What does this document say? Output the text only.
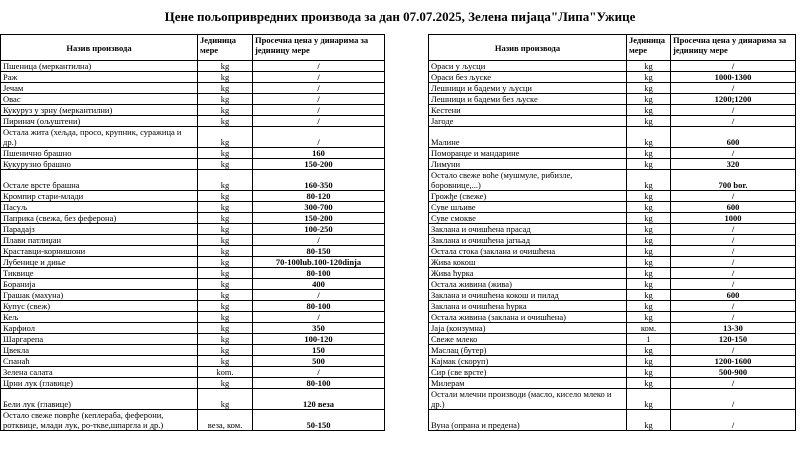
Цене пољопривредних производа за дан 07.07.2025, Зелена пијаца"Липа"Ужице
Назив производа	Јединица мере	Просечна цена у динарима за јединицу мере		Назив производа	Јединица мере	Просечна цена у динарима за јединицу мере
Пшеница (меркантилна)	kg	/		Ораси у љусци	kg	/
Раж	kg	/		Ораси без љуске	kg	1000-1300
Јечам	kg	/		Лешници и бадеми у љусци	kg	/
Овас	kg	/		Лешници и бадеми без љуске	kg	1200;1200
Кукуруз у зрну (меркантилни)	kg	/		Кестени	kg	/
Пиринач (ољуштени)	kg	/		Јагоде	kg	/
Остала жита (хељда, просо, крупник, суражица и др.)	kg	/		Малине	kg	600
Пшенично брашно	kg	160		Поморанџе и мандарине	kg	/
Кукурузно брашно	kg	150-200		Лимуни	kg	320
Остале врсте брашна	kg	160-350		Остало свеже воће (мушмуле, рибизле, боровнице,...)	kg	700 bor.
Кромпир стари-млади	kg	80-120		Грожђе (свеже)	kg	/
Пасуљ	kg	300-700		Суве шљиве	kg	600
Паприка (свежа, без феферона)	kg	150-200		Суве смокве	kg	1000
Парадајз	kg	100-250		Заклана и очишћена прасад	kg	/
Плави патлиџан	kg	/		Заклана и очишћена јагњад	kg	/
Краставци-корнишони	kg	80-150		Остала стока (заклана и очишћена	kg	/
Лубенице и диње	kg	70-100lub.100-120dinja		Жива кокош	kg	/
Тиквице	kg	80-100		Жива ћурка	kg	/
Боранија	kg	400		Остала живина (жива)	kg	/
Грашак (махуна)	kg	/		Заклана и очишћена кокош и пилад	kg	600
Купус (свеж)	kg	80-100		Заклана и очишћена ћурка	kg	/
Кељ	kg	/		Остала живина (заклана и очишћена)	kg	/
Карфиол	kg	350		Јаја (конзумна)	ком.	13-30
Шаргарепа	kg	100-120		Свеже млеко	1	120-150
Цвекла	kg	150		Маслац (бутер)	kg	/
Спанаћ	kg	500		Кајмак (скоруп)	kg	1200-1600
Зелена салата	kom.	/		Сир (све врсте)	kg	500-900
Црни лук (главице)	kg	80-100		Милерам	kg	/
Бели лук (главице)	kg	120 веза		Остали млечни производи (масло, кисело млеко и др.)	kg	/
Остало свеже поврће (кеплераба, феферони, ротквице, млади лук, ро-тквe,шпаргла и др.)	веза, ком.	50-150		Вуна (опрана и предена)	kg	/
